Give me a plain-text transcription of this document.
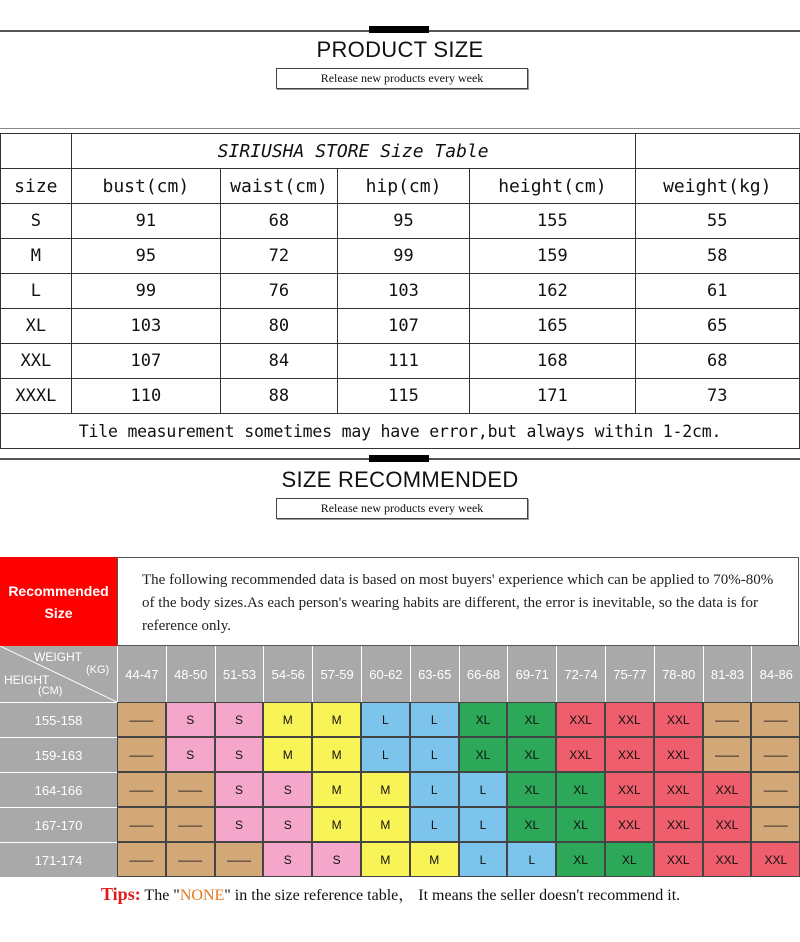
PRODUCT SIZE
Release new products every week
	SIRIUSHA STORE Size Table				
size	bust(cm)	waist(cm)	hip(cm)	height(cm)	weight(kg)
S	91	68	95	155	55
M	95	72	99	159	58
L	99	76	103	162	61
XL	103	80	107	165	65
XXL	107	84	111	168	68
XXXL	110	88	115	171	73
Tile measurement sometimes may have error,but always within 1-2cm.					
SIZE RECOMMENDED
Release new products every week
Recommended
Size
The following recommended data is based on most buyers' experience which can be applied to 70%-80% of the body sizes.As each person's wearing habits are different, the error is inevitable, so the data is for reference only.
WEIGHT
(KG)
HEIGHT
(CM)
44-47	48-50	51-53	54-56	57-59	60-62	63-65	66-68	69-71	72-74	75-77	78-80	81-83	84-86
155-158	——	S	S	M	M	L	L	XL	XL	XXL	XXL	XXL	——	——
159-163	——	S	S	M	M	L	L	XL	XL	XXL	XXL	XXL	——	——
164-166	——	——	S	S	M	M	L	L	XL	XL	XXL	XXL	XXL	——
167-170	——	——	S	S	M	M	L	L	XL	XL	XXL	XXL	XXL	——
171-174	——	——	——	S	S	M	M	L	L	XL	XL	XXL	XXL	XXL
Tips: The "NONE" in the size reference table， It means the seller doesn't recommend it.
